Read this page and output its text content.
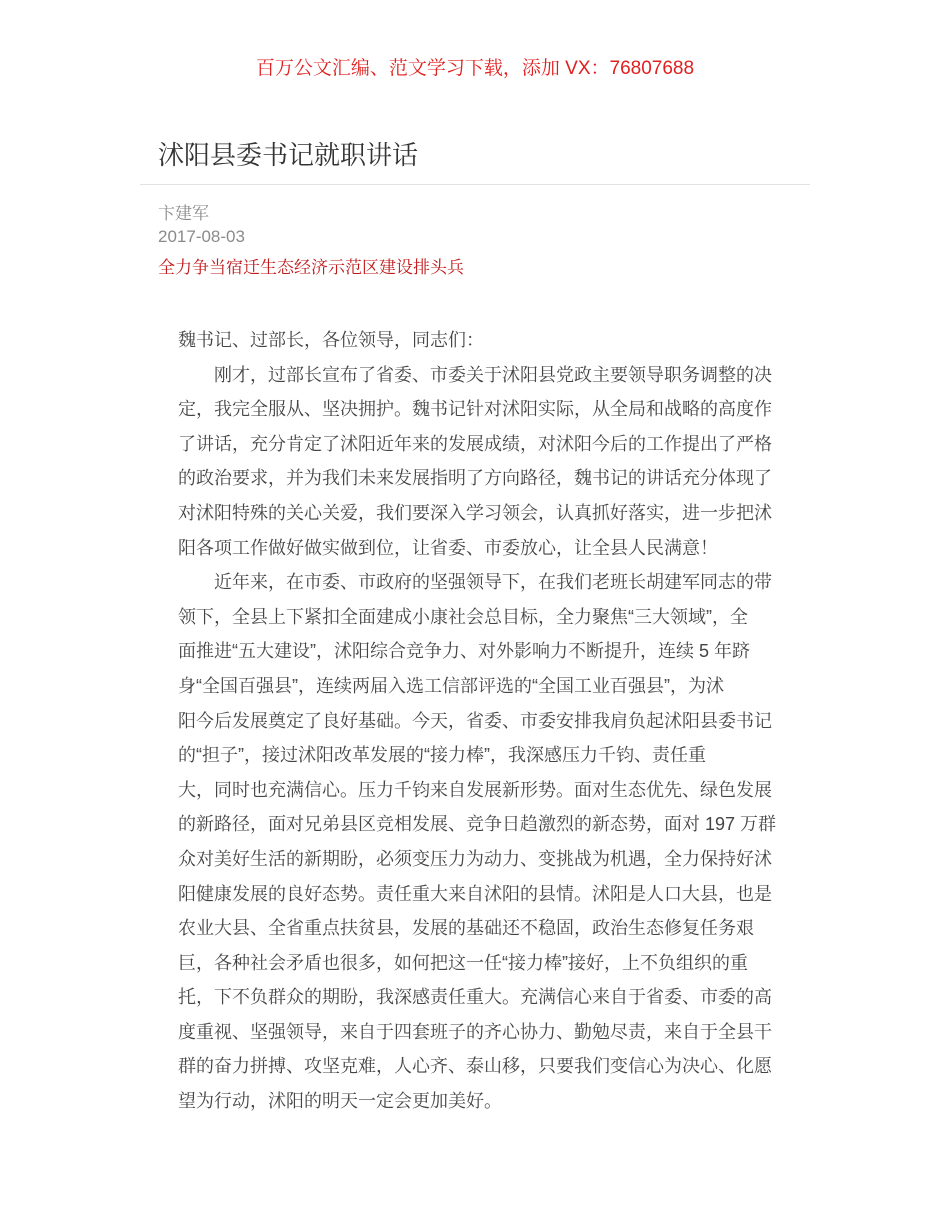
百万公文汇编、范文学习下载，添加 VX：76807688
沭阳县委书记就职讲话
卞建军
2017-08-03
全力争当宿迁生态经济示范区建设排头兵
魏书记、过部长，各位领导，同志们：
　　刚才，过部长宣布了省委、市委关于沭阳县党政主要领导职务调整的决
定，我完全服从、坚决拥护。魏书记针对沭阳实际，从全局和战略的高度作
了讲话，充分肯定了沭阳近年来的发展成绩，对沭阳今后的工作提出了严格
的政治要求，并为我们未来发展指明了方向路径，魏书记的讲话充分体现了
对沭阳特殊的关心关爱，我们要深入学习领会，认真抓好落实，进一步把沭
阳各项工作做好做实做到位，让省委、市委放心，让全县人民满意！
　　近年来，在市委、市政府的坚强领导下，在我们老班长胡建军同志的带
领下，全县上下紧扣全面建成小康社会总目标，全力聚焦“三大领域”，全
面推进“五大建设”，沭阳综合竞争力、对外影响力不断提升，连续 5 年跻
身“全国百强县”，连续两届入选工信部评选的“全国工业百强县”，为沭
阳今后发展奠定了良好基础。今天，省委、市委安排我肩负起沭阳县委书记
的“担子”，接过沭阳改革发展的“接力棒”，我深感压力千钧、责任重
大，同时也充满信心。压力千钧来自发展新形势。面对生态优先、绿色发展
的新路径，面对兄弟县区竞相发展、竞争日趋激烈的新态势，面对 197 万群
众对美好生活的新期盼，必须变压力为动力、变挑战为机遇，全力保持好沭
阳健康发展的良好态势。责任重大来自沭阳的县情。沭阳是人口大县，也是
农业大县、全省重点扶贫县，发展的基础还不稳固，政治生态修复任务艰
巨，各种社会矛盾也很多，如何把这一任“接力棒”接好，上不负组织的重
托，下不负群众的期盼，我深感责任重大。充满信心来自于省委、市委的高
度重视、坚强领导，来自于四套班子的齐心协力、勤勉尽责，来自于全县干
群的奋力拼搏、攻坚克难，人心齐、泰山移，只要我们变信心为决心、化愿
望为行动，沭阳的明天一定会更加美好。
